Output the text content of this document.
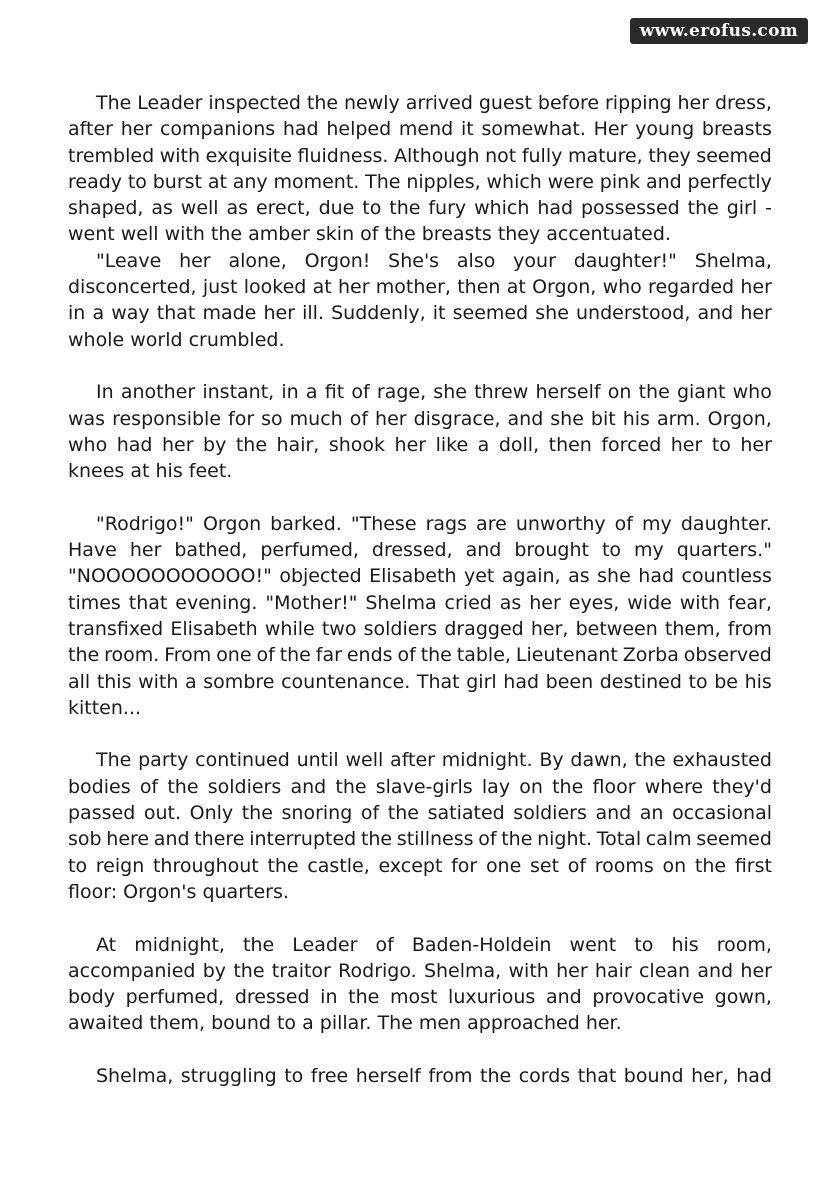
www.erofus.com
The Leader inspected the newly arrived guest before ripping her dress,
after her companions had helped mend it somewhat. Her young breasts
trembled with exquisite fluidness. Although not fully mature, they seemed
ready to burst at any moment. The nipples, which were pink and perfectly
shaped, as well as erect, due to the fury which had possessed the girl -
went well with the amber skin of the breasts they accentuated.
"Leave her alone, Orgon! She's also your daughter!" Shelma,
disconcerted, just looked at her mother, then at Orgon, who regarded her
in a way that made her ill. Suddenly, it seemed she understood, and her
whole world crumbled.
In another instant, in a fit of rage, she threw herself on the giant who
was responsible for so much of her disgrace, and she bit his arm. Orgon,
who had her by the hair, shook her like a doll, then forced her to her
knees at his feet.
"Rodrigo!" Orgon barked. "These rags are unworthy of my daughter.
Have her bathed, perfumed, dressed, and brought to my quarters."
"NOOOOOOOOOOO!" objected Elisabeth yet again, as she had countless
times that evening. "Mother!" Shelma cried as her eyes, wide with fear,
transfixed Elisabeth while two soldiers dragged her, between them, from
the room. From one of the far ends of the table, Lieutenant Zorba observed
all this with a sombre countenance. That girl had been destined to be his
kitten...
The party continued until well after midnight. By dawn, the exhausted
bodies of the soldiers and the slave-girls lay on the floor where they'd
passed out. Only the snoring of the satiated soldiers and an occasional
sob here and there interrupted the stillness of the night. Total calm seemed
to reign throughout the castle, except for one set of rooms on the first
floor: Orgon's quarters.
At midnight, the Leader of Baden-Holdein went to his room,
accompanied by the traitor Rodrigo. Shelma, with her hair clean and her
body perfumed, dressed in the most luxurious and provocative gown,
awaited them, bound to a pillar. The men approached her.
Shelma, struggling to free herself from the cords that bound her, had
